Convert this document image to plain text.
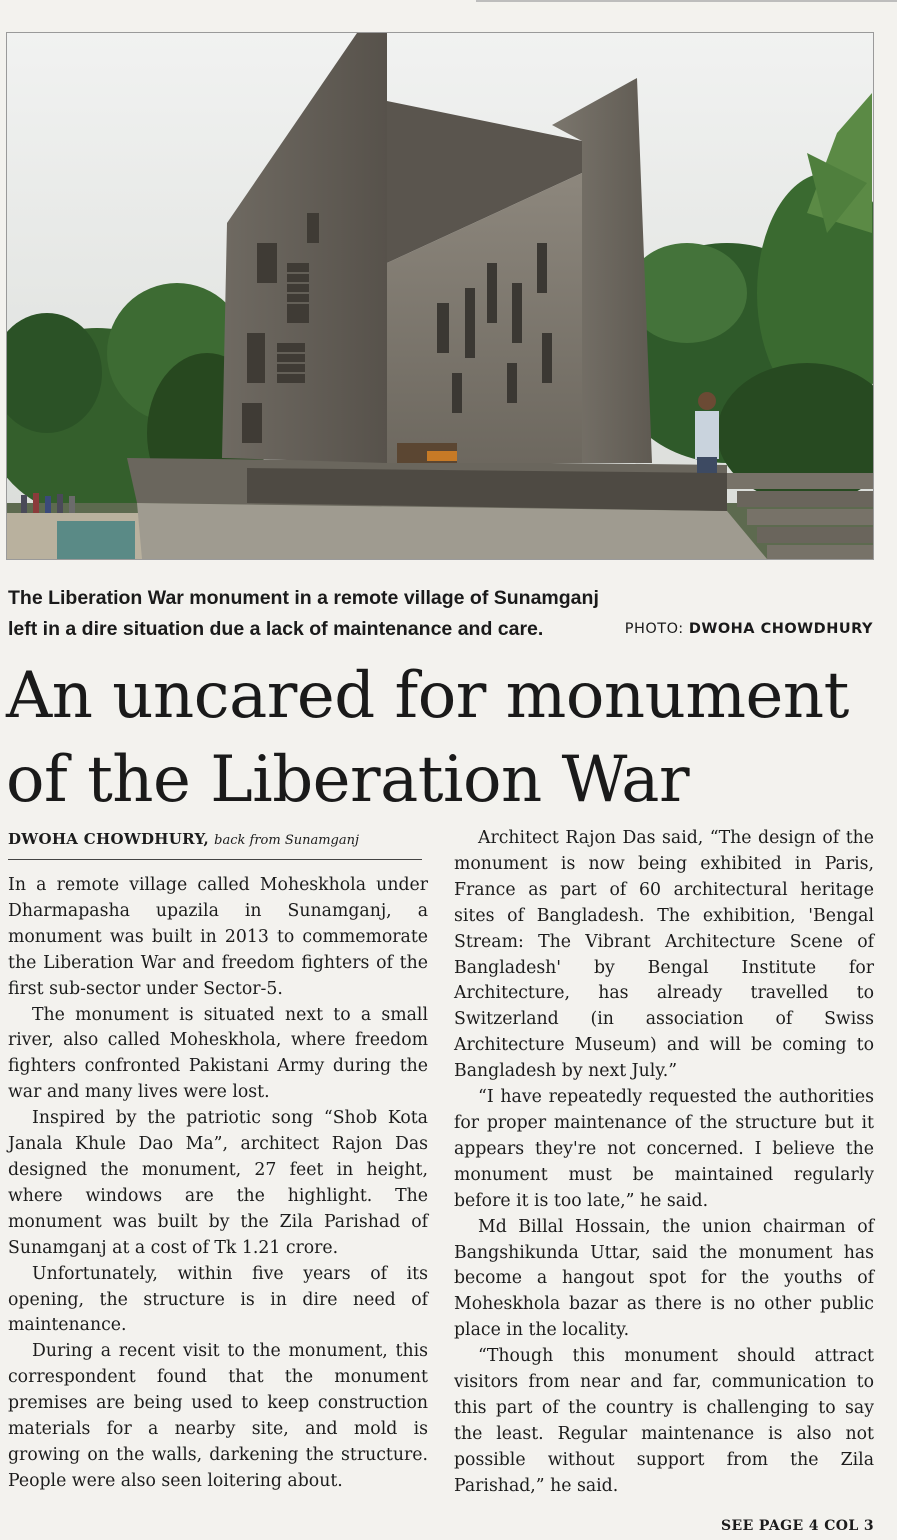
The Liberation War monument in a remote village of Sunamganj left in a dire situation due a lack of maintenance and care.	PHOTO: DWOHA CHOWDHURY
An uncared for monument of the Liberation War
DWOHA CHOWDHURY, back from Sunamganj

In a remote village called Moheskhola under Dharmapasha upazila in Sunamganj, a monument was built in 2013 to commemorate the Liberation War and freedom fighters of the first sub-sector under Sector-5.

The monument is situated next to a small river, also called Moheskhola, where freedom fighters confronted Pakistani Army during the war and many lives were lost.

Inspired by the patriotic song “Shob Kota Janala Khule Dao Ma”, architect Rajon Das designed the monument, 27 feet in height, where windows are the highlight. The monument was built by the Zila Parishad of Sunamganj at a cost of Tk 1.21 crore.

Unfortunately, within five years of its opening, the structure is in dire need of maintenance.

During a recent visit to the monument, this correspondent found that the monument premises are being used to keep construction materials for a nearby site, and mold is growing on the walls, darkening the structure. People were also seen loitering about.

Architect Rajon Das said, “The design of the monument is now being exhibited in Paris, France as part of 60 architectural heritage sites of Bangladesh. The exhibition, 'Bengal Stream: The Vibrant Architecture Scene of Bangladesh' by Bengal Institute for Architecture, has already travelled to Switzerland (in association of Swiss Architecture Museum) and will be coming to Bangladesh by next July.”

“I have repeatedly requested the authorities for proper maintenance of the structure but it appears they're not concerned. I believe the monument must be maintained regularly before it is too late,” he said.

Md Billal Hossain, the union chairman of Bangshikunda Uttar, said the monument has become a hangout spot for the youths of Moheskhola bazar as there is no other public place in the locality.

“Though this monument should attract visitors from near and far, communication to this part of the country is challenging to say the least. Regular maintenance is also not possible without support from the Zila Parishad,” he said.

SEE PAGE 4 COL 3
